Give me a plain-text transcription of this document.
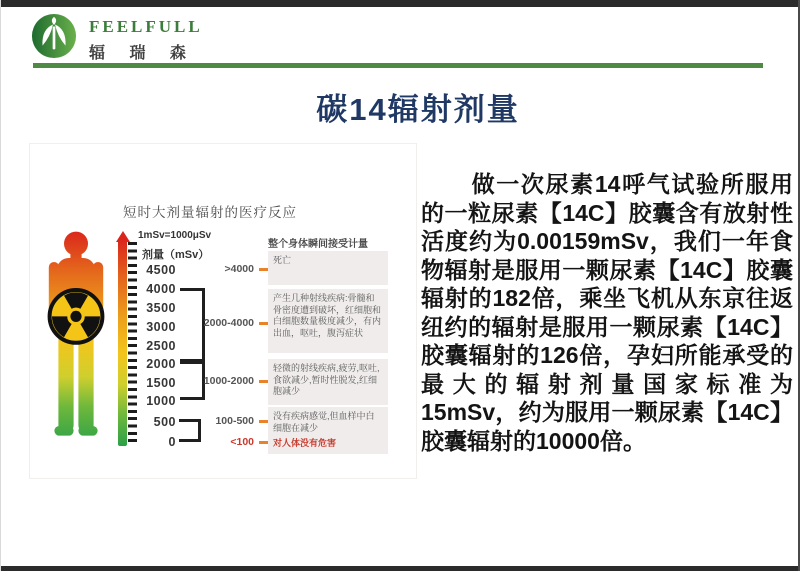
FEELFULL
辐 瑞 森
碳14辐射剂量
短时大剂量辐射的医疗反应
1mSv=1000μSv
剂量（mSv）
4500
4000
3500
3000
2500
2000
1500
1000
500
0
>4000
2000-4000
1000-2000
100-500
<100
整个身体瞬间接受计量
死亡
产生几种射线疾病:骨髓和骨密度遭到破坏，红细胞和白细胞数量极度减少，有内出血，呕吐，腹泻症状
轻微的射线疾病,疲劳,呕吐,食欲减少,暂时性脱发,红细胞减少
没有疾病感觉,但血样中白细胞在减少
对人体没有危害
做一次尿素14呼气试验所服用的一粒尿素【14C】胶囊含有放射性活度约为0.00159mSv，我们一年食物辐射是服用一颗尿素【14C】胶囊辐射的182倍，乘坐飞机从东京往返纽约的辐射是服用一颗尿素【14C】胶囊辐射的126倍，孕妇所能承受的最大的辐射剂量国家标准为15mSv，约为服用一颗尿素【14C】胶囊辐射的10000倍。
